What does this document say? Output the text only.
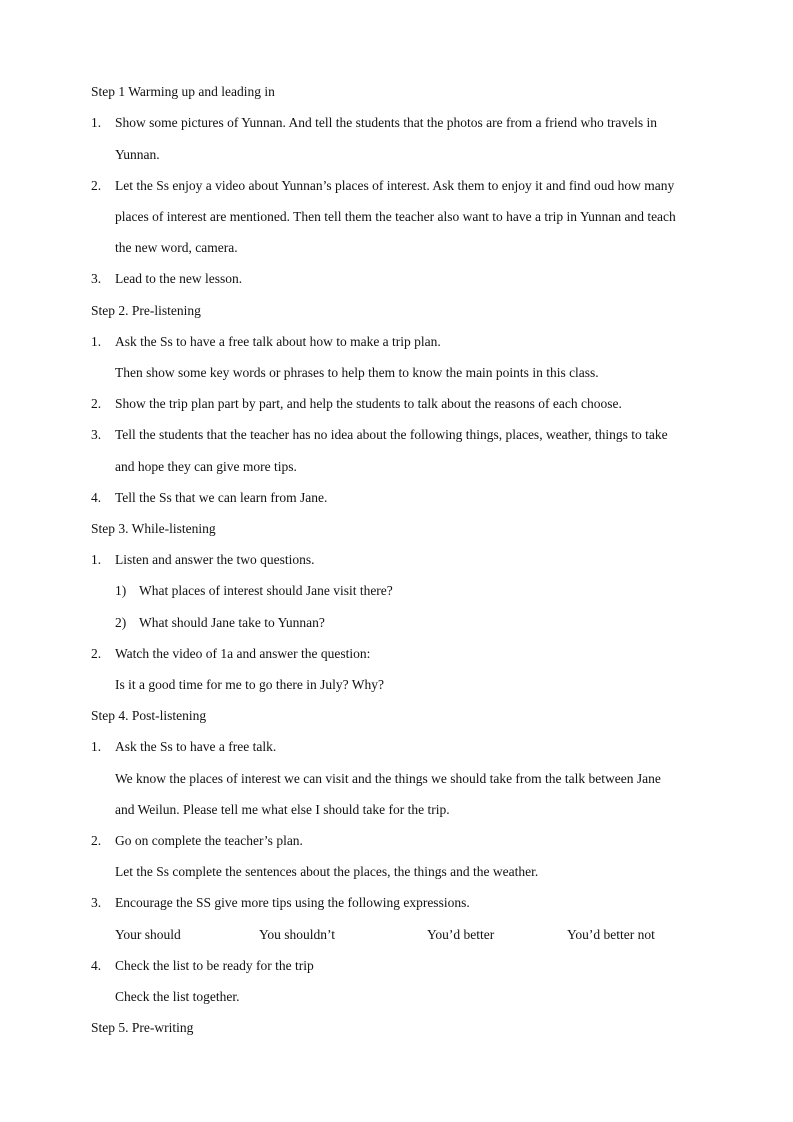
Step 1 Warming up and leading in
1. Show some pictures of Yunnan. And tell the students that the photos are from a friend who travels in
Yunnan.
2. Let the Ss enjoy a video about Yunnan’s places of interest. Ask them to enjoy it and find oud how many
places of interest are mentioned. Then tell them the teacher also want to have a trip in Yunnan and teach
the new word, camera.
3. Lead to the new lesson.
Step 2. Pre-listening
1. Ask the Ss to have a free talk about how to make a trip plan.
Then show some key words or phrases to help them to know the main points in this class.
2. Show the trip plan part by part, and help the students to talk about the reasons of each choose.
3. Tell the students that the teacher has no idea about the following things, places, weather, things to take
and hope they can give more tips.
4. Tell the Ss that we can learn from Jane.
Step 3. While-listening
1. Listen and answer the two questions.
1) What places of interest should Jane visit there?
2) What should Jane take to Yunnan?
2. Watch the video of 1a and answer the question:
Is it a good time for me to go there in July? Why?
Step 4. Post-listening
1. Ask the Ss to have a free talk.
We know the places of interest we can visit and the things we should take from the talk between Jane
and Weilun. Please tell me what else I should take for the trip.
2. Go on complete the teacher’s plan.
Let the Ss complete the sentences about the places, the things and the weather.
3. Encourage the SS give more tips using the following expressions.
Your should	You shouldn’t	You’d better	You’d better not
4. Check the list to be ready for the trip
Check the list together.
Step 5. Pre-writing
